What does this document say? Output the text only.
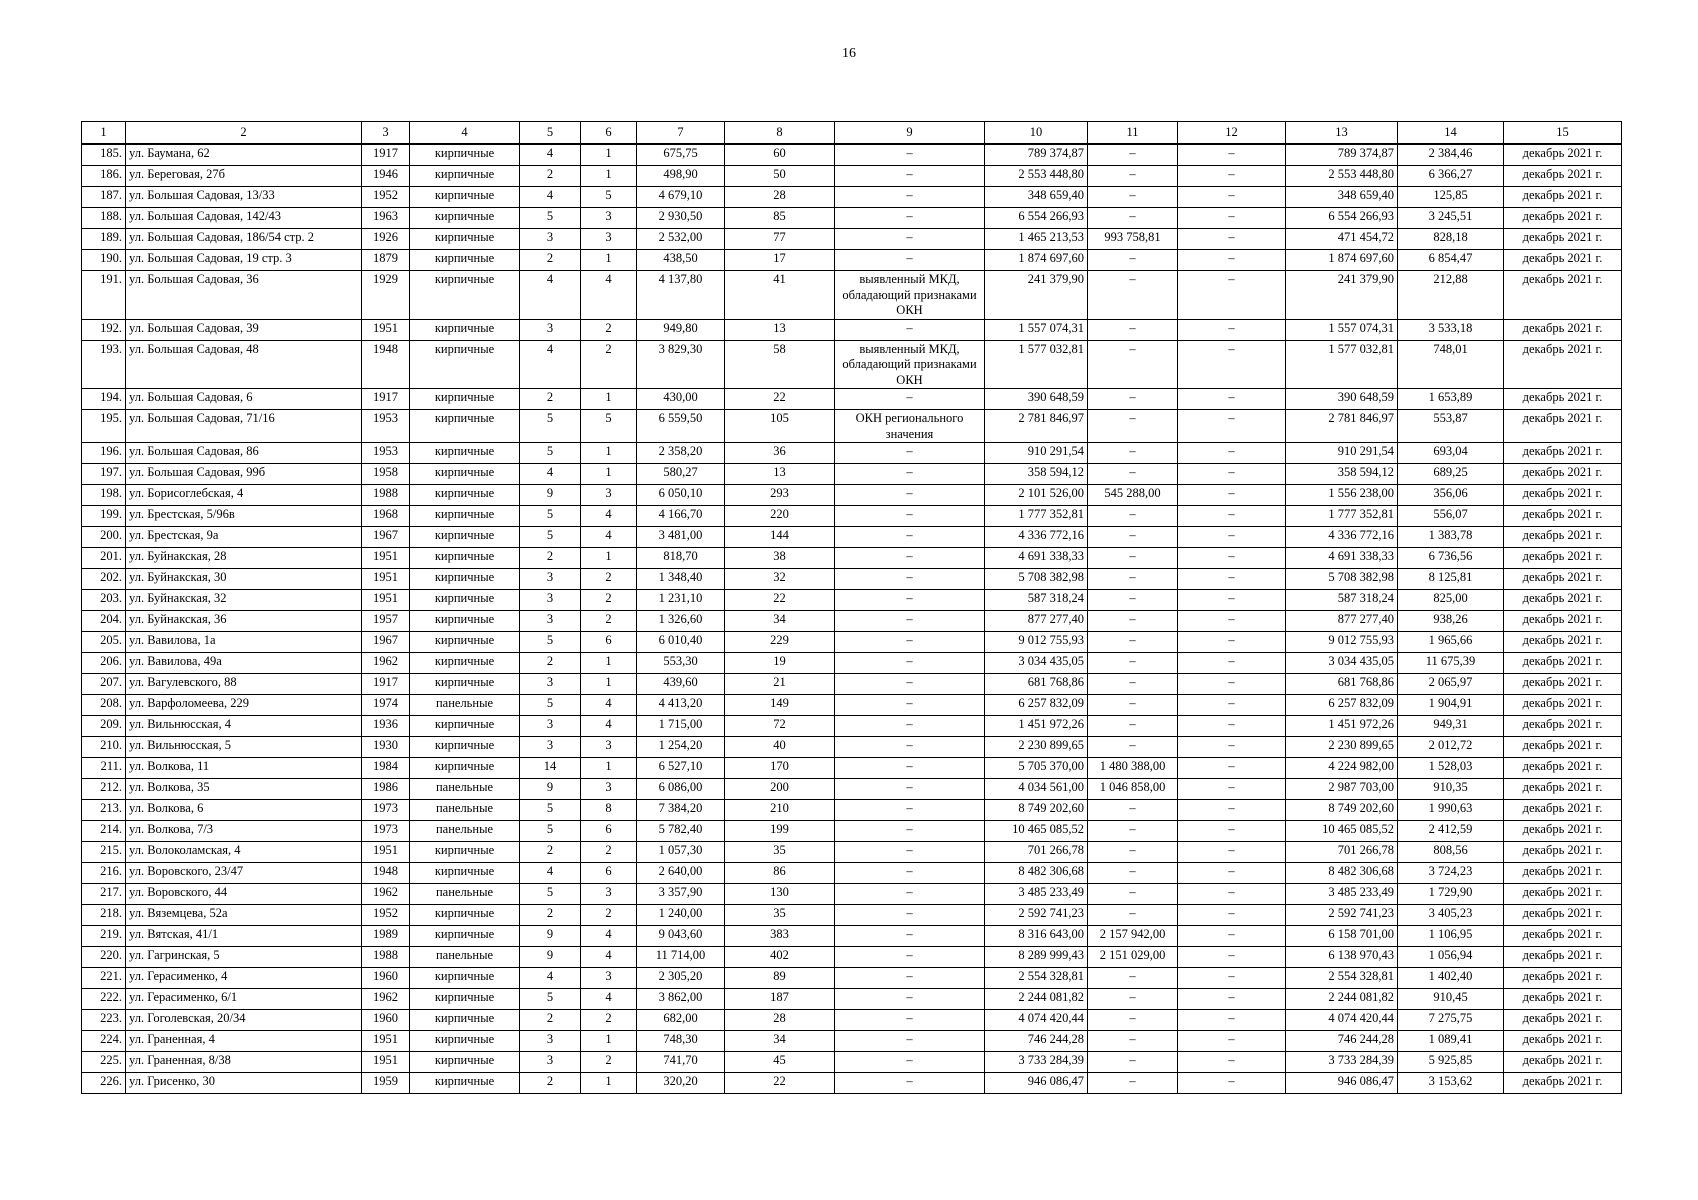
16
1	2	3	4	5	6	7	8	9	10	11	12	13	14	15
185.	ул. Баумана, 62	1917	кирпичные	4	1	675,75	60	–	789 374,87	–	–	789 374,87	2 384,46	декабрь 2021 г.
186.	ул. Береговая, 27б	1946	кирпичные	2	1	498,90	50	–	2 553 448,80	–	–	2 553 448,80	6 366,27	декабрь 2021 г.
187.	ул. Большая Садовая, 13/33	1952	кирпичные	4	5	4 679,10	28	–	348 659,40	–	–	348 659,40	125,85	декабрь 2021 г.
188.	ул. Большая Садовая, 142/43	1963	кирпичные	5	3	2 930,50	85	–	6 554 266,93	–	–	6 554 266,93	3 245,51	декабрь 2021 г.
189.	ул. Большая Садовая, 186/54 стр. 2	1926	кирпичные	3	3	2 532,00	77	–	1 465 213,53	993 758,81	–	471 454,72	828,18	декабрь 2021 г.
190.	ул. Большая Садовая, 19 стр. 3	1879	кирпичные	2	1	438,50	17	–	1 874 697,60	–	–	1 874 697,60	6 854,47	декабрь 2021 г.
191.	ул. Большая Садовая, 36	1929	кирпичные	4	4	4 137,80	41	выявленный МКД, обладающий признаками ОКН	241 379,90	–	–	241 379,90	212,88	декабрь 2021 г.
192.	ул. Большая Садовая, 39	1951	кирпичные	3	2	949,80	13	–	1 557 074,31	–	–	1 557 074,31	3 533,18	декабрь 2021 г.
193.	ул. Большая Садовая, 48	1948	кирпичные	4	2	3 829,30	58	выявленный МКД, обладающий признаками ОКН	1 577 032,81	–	–	1 577 032,81	748,01	декабрь 2021 г.
194.	ул. Большая Садовая, 6	1917	кирпичные	2	1	430,00	22	–	390 648,59	–	–	390 648,59	1 653,89	декабрь 2021 г.
195.	ул. Большая Садовая, 71/16	1953	кирпичные	5	5	6 559,50	105	ОКН регионального значения	2 781 846,97	–	–	2 781 846,97	553,87	декабрь 2021 г.
196.	ул. Большая Садовая, 86	1953	кирпичные	5	1	2 358,20	36	–	910 291,54	–	–	910 291,54	693,04	декабрь 2021 г.
197.	ул. Большая Садовая, 99б	1958	кирпичные	4	1	580,27	13	–	358 594,12	–	–	358 594,12	689,25	декабрь 2021 г.
198.	ул. Борисоглебская, 4	1988	кирпичные	9	3	6 050,10	293	–	2 101 526,00	545 288,00	–	1 556 238,00	356,06	декабрь 2021 г.
199.	ул. Брестская, 5/96в	1968	кирпичные	5	4	4 166,70	220	–	1 777 352,81	–	–	1 777 352,81	556,07	декабрь 2021 г.
200.	ул. Брестская, 9а	1967	кирпичные	5	4	3 481,00	144	–	4 336 772,16	–	–	4 336 772,16	1 383,78	декабрь 2021 г.
201.	ул. Буйнакская, 28	1951	кирпичные	2	1	818,70	38	–	4 691 338,33	–	–	4 691 338,33	6 736,56	декабрь 2021 г.
202.	ул. Буйнакская, 30	1951	кирпичные	3	2	1 348,40	32	–	5 708 382,98	–	–	5 708 382,98	8 125,81	декабрь 2021 г.
203.	ул. Буйнакская, 32	1951	кирпичные	3	2	1 231,10	22	–	587 318,24	–	–	587 318,24	825,00	декабрь 2021 г.
204.	ул. Буйнакская, 36	1957	кирпичные	3	2	1 326,60	34	–	877 277,40	–	–	877 277,40	938,26	декабрь 2021 г.
205.	ул. Вавилова, 1а	1967	кирпичные	5	6	6 010,40	229	–	9 012 755,93	–	–	9 012 755,93	1 965,66	декабрь 2021 г.
206.	ул. Вавилова, 49а	1962	кирпичные	2	1	553,30	19	–	3 034 435,05	–	–	3 034 435,05	11 675,39	декабрь 2021 г.
207.	ул. Вагулевского, 88	1917	кирпичные	3	1	439,60	21	–	681 768,86	–	–	681 768,86	2 065,97	декабрь 2021 г.
208.	ул. Варфоломеева, 229	1974	панельные	5	4	4 413,20	149	–	6 257 832,09	–	–	6 257 832,09	1 904,91	декабрь 2021 г.
209.	ул. Вильнюсская, 4	1936	кирпичные	3	4	1 715,00	72	–	1 451 972,26	–	–	1 451 972,26	949,31	декабрь 2021 г.
210.	ул. Вильнюсская, 5	1930	кирпичные	3	3	1 254,20	40	–	2 230 899,65	–	–	2 230 899,65	2 012,72	декабрь 2021 г.
211.	ул. Волкова, 11	1984	кирпичные	14	1	6 527,10	170	–	5 705 370,00	1 480 388,00	–	4 224 982,00	1 528,03	декабрь 2021 г.
212.	ул. Волкова, 35	1986	панельные	9	3	6 086,00	200	–	4 034 561,00	1 046 858,00	–	2 987 703,00	910,35	декабрь 2021 г.
213.	ул. Волкова, 6	1973	панельные	5	8	7 384,20	210	–	8 749 202,60	–	–	8 749 202,60	1 990,63	декабрь 2021 г.
214.	ул. Волкова, 7/3	1973	панельные	5	6	5 782,40	199	–	10 465 085,52	–	–	10 465 085,52	2 412,59	декабрь 2021 г.
215.	ул. Волоколамская, 4	1951	кирпичные	2	2	1 057,30	35	–	701 266,78	–	–	701 266,78	808,56	декабрь 2021 г.
216.	ул. Воровского, 23/47	1948	кирпичные	4	6	2 640,00	86	–	8 482 306,68	–	–	8 482 306,68	3 724,23	декабрь 2021 г.
217.	ул. Воровского, 44	1962	панельные	5	3	3 357,90	130	–	3 485 233,49	–	–	3 485 233,49	1 729,90	декабрь 2021 г.
218.	ул. Вяземцева, 52а	1952	кирпичные	2	2	1 240,00	35	–	2 592 741,23	–	–	2 592 741,23	3 405,23	декабрь 2021 г.
219.	ул. Вятская, 41/1	1989	кирпичные	9	4	9 043,60	383	–	8 316 643,00	2 157 942,00	–	6 158 701,00	1 106,95	декабрь 2021 г.
220.	ул. Гагринская, 5	1988	панельные	9	4	11 714,00	402	–	8 289 999,43	2 151 029,00	–	6 138 970,43	1 056,94	декабрь 2021 г.
221.	ул. Герасименко, 4	1960	кирпичные	4	3	2 305,20	89	–	2 554 328,81	–	–	2 554 328,81	1 402,40	декабрь 2021 г.
222.	ул. Герасименко, 6/1	1962	кирпичные	5	4	3 862,00	187	–	2 244 081,82	–	–	2 244 081,82	910,45	декабрь 2021 г.
223.	ул. Гоголевская, 20/34	1960	кирпичные	2	2	682,00	28	–	4 074 420,44	–	–	4 074 420,44	7 275,75	декабрь 2021 г.
224.	ул. Граненная, 4	1951	кирпичные	3	1	748,30	34	–	746 244,28	–	–	746 244,28	1 089,41	декабрь 2021 г.
225.	ул. Граненная, 8/38	1951	кирпичные	3	2	741,70	45	–	3 733 284,39	–	–	3 733 284,39	5 925,85	декабрь 2021 г.
226.	ул. Грисенко, 30	1959	кирпичные	2	1	320,20	22	–	946 086,47	–	–	946 086,47	3 153,62	декабрь 2021 г.
